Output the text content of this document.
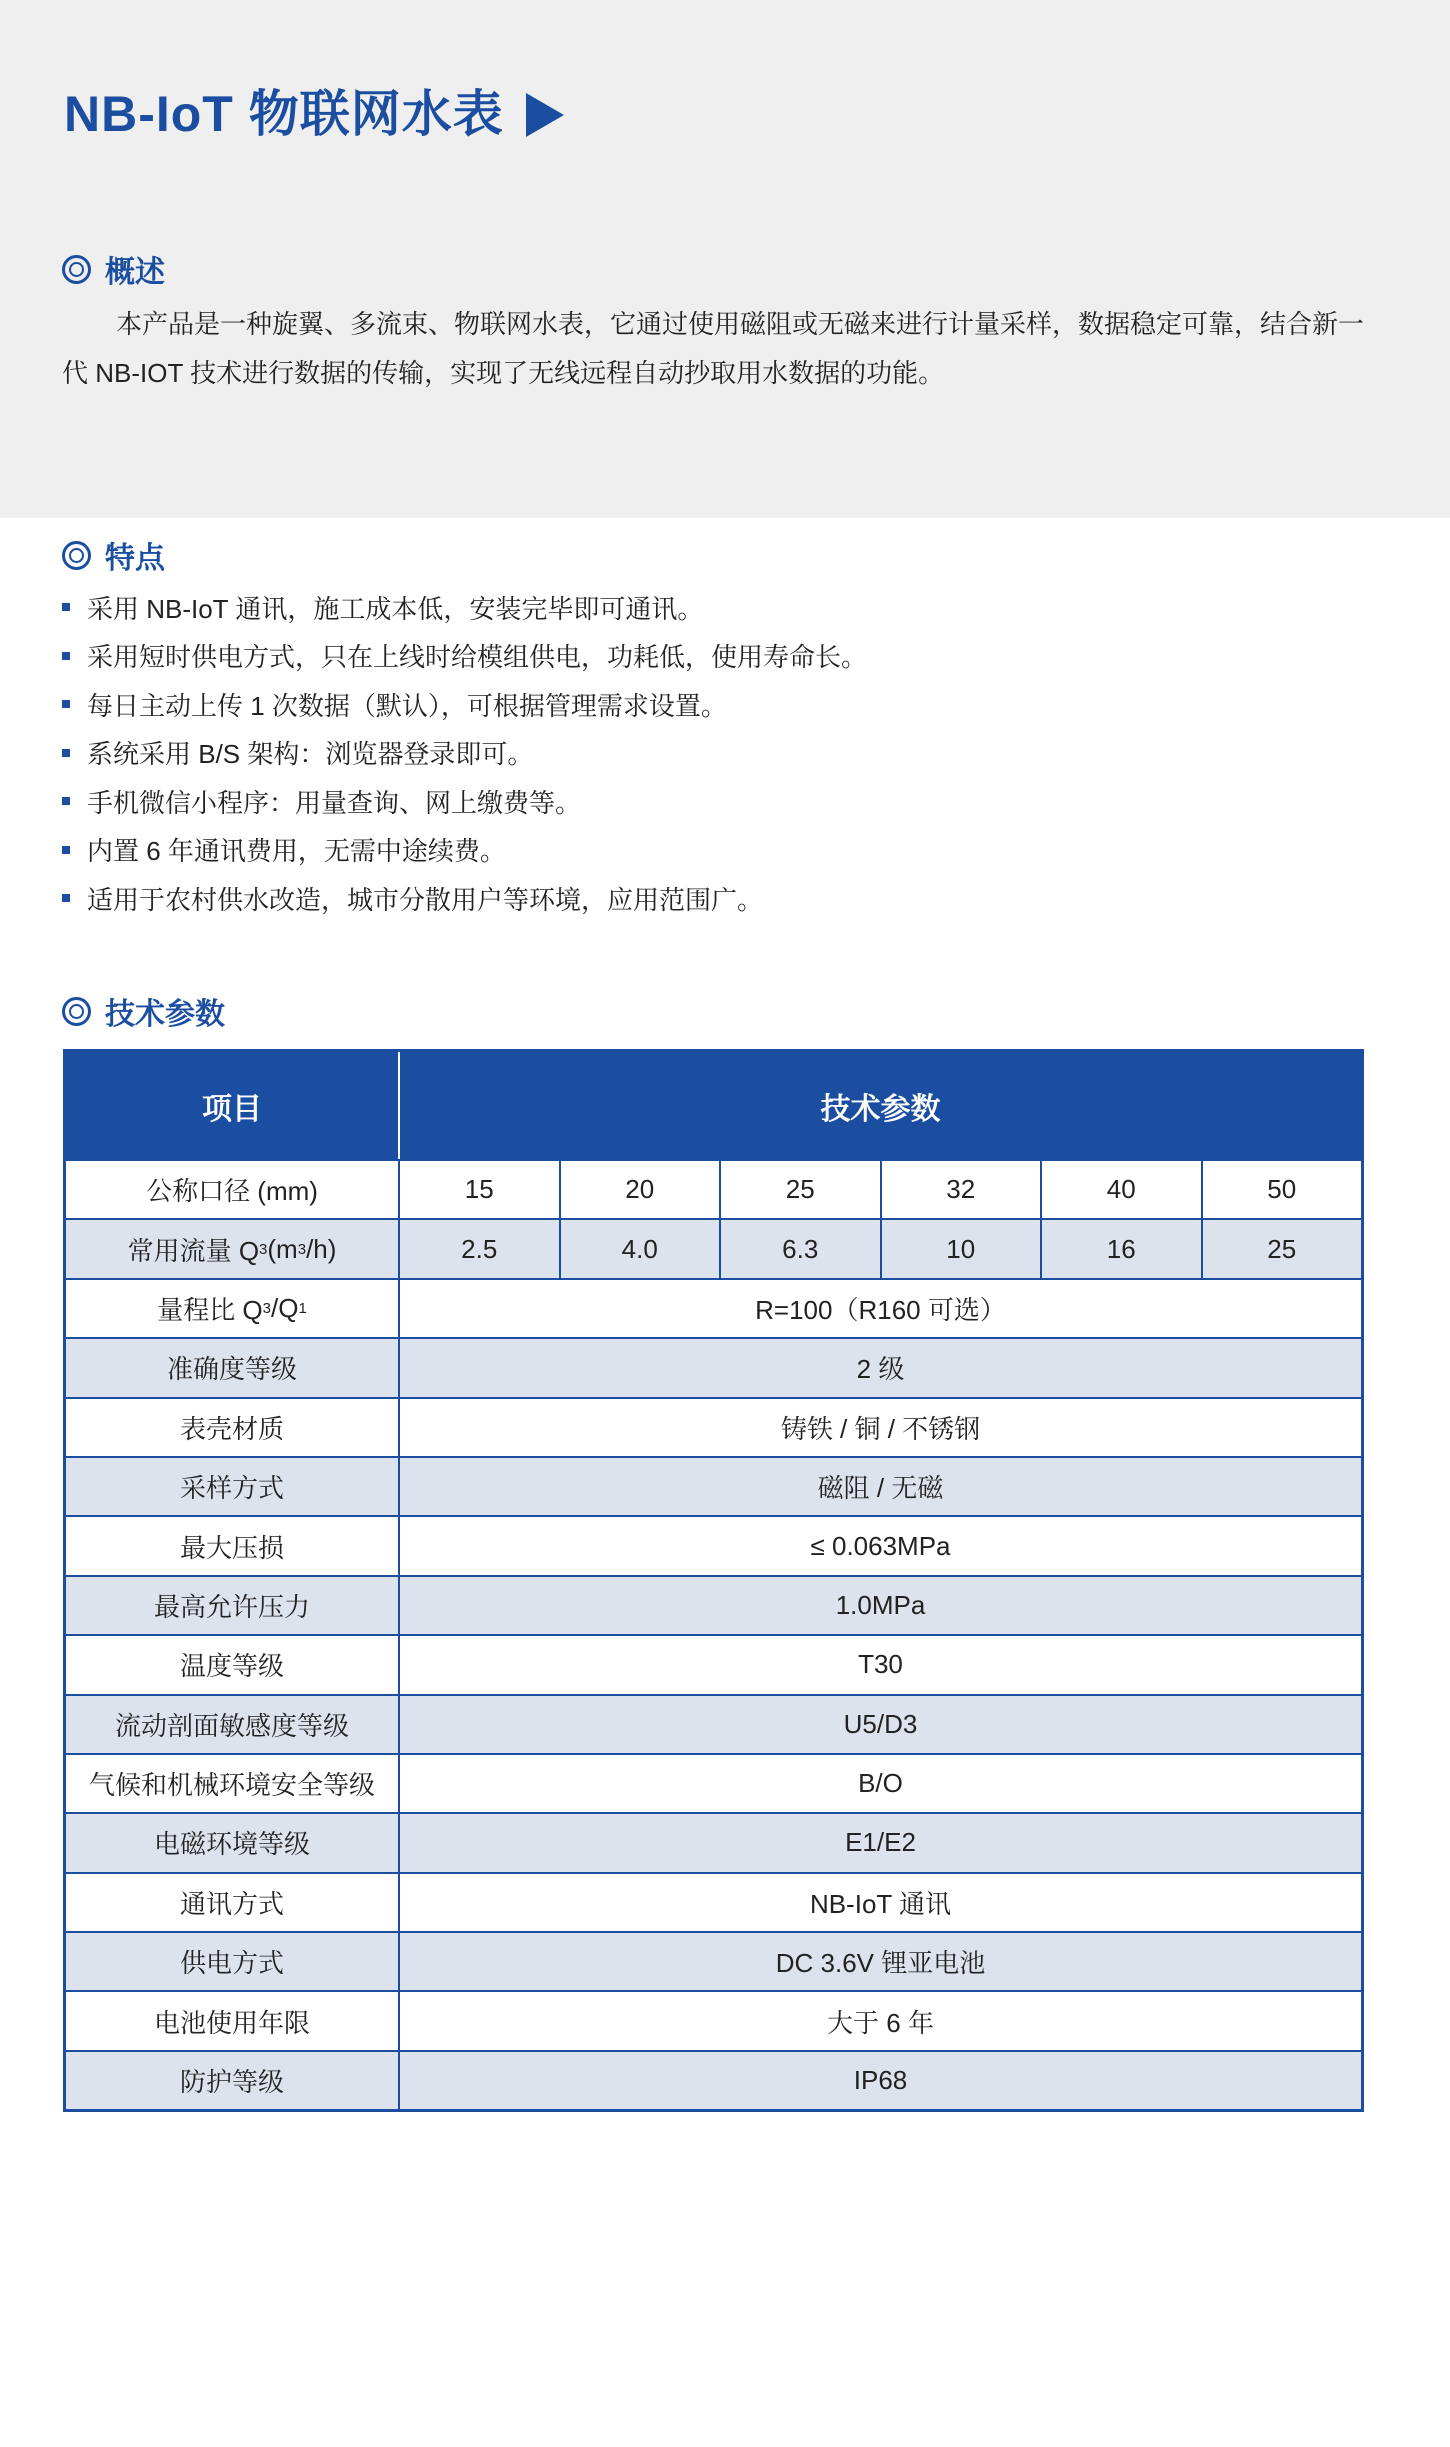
NB-IoT 物联网水表
概述

本产品是一种旋翼、多流束、物联网水表，它通过使用磁阻或无磁来进行计量采样，数据稳定可靠，结合新一代 NB-IOT 技术进行数据的传输，实现了无线远程自动抄取用水数据的功能。

特点
采用 NB-IoT 通讯，施工成本低，安装完毕即可通讯。
采用短时供电方式，只在上线时给模组供电，功耗低，使用寿命长。
每日主动上传 1 次数据（默认），可根据管理需求设置。
系统采用 B/S 架构：浏览器登录即可。
手机微信小程序：用量查询、网上缴费等。
内置 6 年通讯费用，无需中途续费。
适用于农村供水改造，城市分散用户等环境，应用范围广。
技术参数
项目	技术参数
公称口径 (mm)	15	20	25	32	40	50
常用流量 Q 3 (m 3 /h)	2.5	4.0	6.3	10	16	25
量程比 Q 3 /Q 1	R=100（R160 可选）
准确度等级	2 级
表壳材质	铸铁 / 铜 / 不锈钢
采样方式	磁阻 / 无磁
最大压损	≤ 0.063MPa
最高允许压力	1.0MPa
温度等级	T30
流动剖面敏感度等级	U5/D3
气候和机械环境安全等级	B/O
电磁环境等级	E1/E2
通讯方式	NB-IoT 通讯
供电方式	DC 3.6V 锂亚电池
电池使用年限	大于 6 年
防护等级	IP68
